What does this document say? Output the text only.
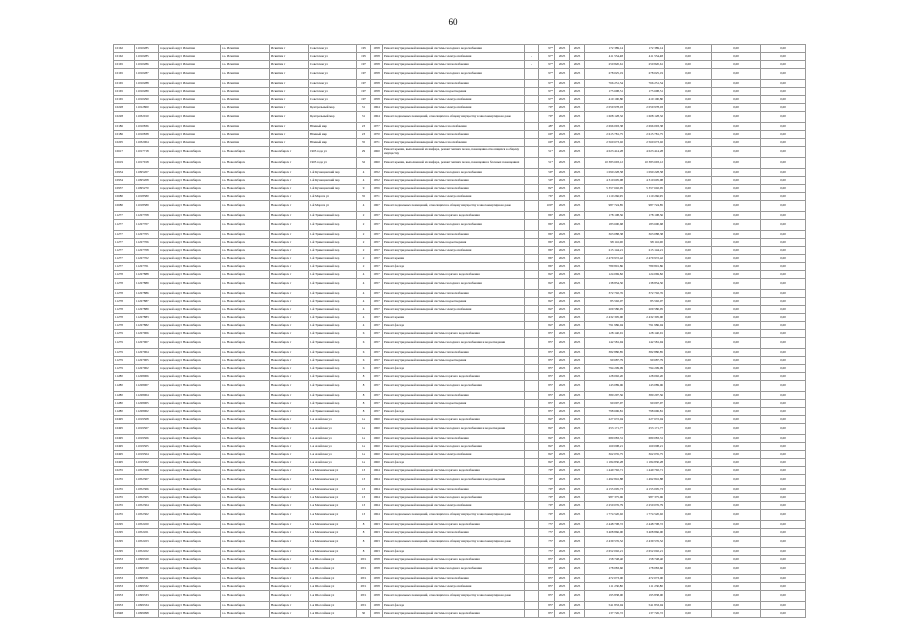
60
10162	11010285	городской округ Искитим	г.о. Искитим	Искитим г	Советская ул	195	1958	Ремонт внутридомовой инженерной системы холодного водоснабжения		97*	2025	2025	172 389,14	172 389,14	0,00	0,00	0,00
10162	11010285	городской округ Искитим	г.о. Искитим	Искитим г	Советская ул	195	1958	Ремонт внутридомовой инженерной системы электроснабжения	-	97*	2025	2025	411 554,48	411 554,48	0,00	0,00	0,00
10165	11010286	городской округ Искитим	г.о. Искитим	Искитим г	Советская ул	197	1958	Ремонт внутридомовой инженерной системы теплоснабжения	-	97*	2025	2025	250 820,61	250 820,61	0,00	0,00	0,00
10165	11010287	городской округ Искитим	г.о. Искитим	Искитим г	Советская ул	197	1958	Ремонт внутридомовой инженерной системы холодного водоснабжения		97*	2025	2025	278 025,19	278 025,19	0,00	0,00	0,00
10165	11010288	городской округ Искитим	г.о. Искитим	Искитим г	Советская ул	197	1958	Ремонт внутридомовой инженерной системы теплоснабжения		97*	2025	2025	766 251,54	766 251,54	0,00	0,00	0,00
10165	11010289	городской округ Искитим	г.о. Искитим	Искитим г	Советская ул	197	1958	Ремонт внутридомовой инженерной системы водоотведения		97*	2025	2025	175 698,51	175 698,51	0,00	0,00	0,00
10165	11010290	городской округ Искитим	г.о. Искитим	Искитим г	Советская ул	197	1958	Ремонт внутридомовой инженерной системы электроснабжения		97*	2025	2025	410 190,80	410 190,80	0,00	0,00	0,00
10228	11012800	городской округ Искитим	г.о. Искитим	Искитим г	Центральный мкр	31	1964	Ремонт внутридомовой инженерной системы электроснабжения		79*	2025	2025	2 059 978,03	2 059 978,03	0,00	0,00	0,00
10228	11032010	городской округ Искитим	г.о. Искитим	Искитим г	Центральный мкр	31	1964	Ремонт подвальных помещений, относящихся к общему имуществу в многоквартирном доме		79*	2025	2025	1 608 128,32	1 608 128,32	0,00	0,00	0,00
10186	11010836	городской округ Искитим	г.о. Искитим	Искитим г	Южный мкр	23	1977	Ремонт внутридомовой инженерной системы газоснабжения		48*	2025	2025	2 696 093,38	2 696 093,38	0,00	0,00	0,00
10186	11010838	городской округ Искитим	г.о. Искитим	Искитим г	Южный мкр	23	1970	Ремонт внутридомовой инженерной системы теплоснабжения		69*	2025	2025	2 615 781,75	2 615 781,75	0,00	0,00	0,00
10205	11032004	городской округ Искитим	г.о. Искитим	Искитим г	Южный мкр	35	1971	Ремонт внутридомовой инженерной системы газоснабжения		69*	2025	2025	2 560 673,02	2 560 673,02	0,00	0,00	0,00
10617	11017718	городской округ Новосибирск	г.о. Новосибирск	Новосибирск г	1905 года ул	29	1960	Ремонт крыши, выполненной из шифера, ремонт мягких полов, помещения относящихся к общему имуществу		51*	2025	2025	4 023 414,28	4 023 414,28	0,00	0,00	0,00
10619	11017918	городской округ Новосибирск	г.о. Новосибирск	Новосибирск г	1905 года ул	32	1960	Ремонт крыши, выполненной из шифера, ремонт мягких полов, помещения в блочных помещениях		51*	2025	2025	10 383 693,12	10 383 693,12	0,00	0,00	0,00
10934	11095207	городской округ Новосибирск	г.о. Новосибирск	Новосибирск г	1-й Кузнецовский пер	4	1952	Ремонт внутридомовой инженерной системы холодного водоснабжения		59*	2025	2025	1 090 228,58	1 090 228,58	0,00	0,00	0,00
10934	11095208	городской округ Новосибирск	г.о. Новосибирск	Новосибирск г	1-й Кузнецовский пер	4	1952	Ремонт внутридомовой инженерной системы теплоснабжения		59*	2025	2025	4 310 605,98	4 310 605,98	0,00	0,00	0,00
10937	11095270	городской округ Новосибирск	г.о. Новосибирск	Новосибирск г	1-й Кузнецовский пер	9	1956	Ремонт внутридомовой инженерной системы теплоснабжения		82*	2025	2025	5 357 602,95	5 357 602,95	0,00	0,00	0,00
10680	11018580	городской округ Новосибирск	г.о. Новосибирск	Новосибирск г	1-й Марата ул	35	1971	Ремонт внутридомовой инженерной системы электроснабжения		76*	2025	2025	1 110 266,95	1 110 266,95	0,00	0,00	0,00
10680	11018589	городской округ Новосибирск	г.о. Новосибирск	Новосибирск г	1-й Марата ул	4	1967	Ремонт подвальных помещений, относящихся к общему имуществу в многоквартирном доме		100*	2025	2025	987 724,85	987 724,85	0,00	0,00	0,00
11277	11227708	городской округ Новосибирск	г.о. Новосибирск	Новосибирск г	1-й Трикотажный пер	2	1957	Ремонт внутридомовой инженерной системы горячего водоснабжения		86*	2025	2025	178 108,56	178 108,56	0,00	0,00	0,00
11277	11227707	городской округ Новосибирск	г.о. Новосибирск	Новосибирск г	1-й Трикотажный пер	2	1957	Ремонт внутридомовой инженерной системы холодного водоснабжения		86*	2025	2025	183 600,68	183 600,68	0,00	0,00	0,00
11277	11227705	городской округ Новосибирск	г.о. Новосибирск	Новосибирск г	1-й Трикотажный пер	2	1957	Ремонт внутридомовой инженерной системы теплоснабжения		86*	2025	2025	363 088,38	363 088,38	0,00	0,00	0,00
11277	11227706	городской округ Новосибирск	г.о. Новосибирск	Новосибирск г	1-й Трикотажный пер	2	1957	Ремонт внутридомовой инженерной системы водоотведения		86*	2025	2025	98 116,00	98 116,00	0,00	0,00	0,00
11277	11227708	городской округ Новосибирск	г.о. Новосибирск	Новосибирск г	1-й Трикотажный пер	2	1957	Ремонт внутридомовой инженерной системы электроснабжения		86*	2025	2025	215 144,21	215 144,21	0,00	0,00	0,00
11277	11227702	городской округ Новосибирск	г.о. Новосибирск	Новосибирск г	1-й Трикотажный пер	2	1957	Ремонт крыши		86*	2025	2025	2 479 972,42	2 479 972,42	0,00	0,00	0,00
11277	11227701	городской округ Новосибирск	г.о. Новосибирск	Новосибирск г	1-й Трикотажный пер	2	1957	Ремонт фасада		86*	2025	2025	789 801,86	789 801,86	0,00	0,00	0,00
11278	11227888	городской округ Новосибирск	г.о. Новосибирск	Новосибирск г	1-й Трикотажный пер	4	1957	Ремонт внутридомовой инженерной системы горячего водоснабжения		84*	2025	2025	124 069,82	124 069,82	0,00	0,00	0,00
11278	11227889	городской округ Новосибирск	г.о. Новосибирск	Новосибирск г	1-й Трикотажный пер	4	1957	Ремонт внутридомовой инженерной системы холодного водоснабжения		84*	2025	2025	138 854,50	138 854,50	0,00	0,00	0,00
11278	11227886	городской округ Новосибирск	г.о. Новосибирск	Новосибирск г	1-й Трикотажный пер	4	1957	Ремонт внутридомовой инженерной системы теплоснабжения		84*	2025	2025	372 702,76	372 702,76	0,00	0,00	0,00
11278	11227887	городской округ Новосибирск	г.о. Новосибирск	Новосибирск г	1-й Трикотажный пер	4	1957	Ремонт внутридомовой инженерной системы водоотведения		84*	2025	2025	85 592,07	85 592,07	0,00	0,00	0,00
11278	11227889	городской округ Новосибирск	г.о. Новосибирск	Новосибирск г	1-й Трикотажный пер	4	1957	Ремонт внутридомовой инженерной системы электроснабжения		84*	2025	2025	209 580,95	209 580,95	0,00	0,00	0,00
11278	11227883	городской округ Новосибирск	г.о. Новосибирск	Новосибирск г	1-й Трикотажный пер	4	1957	Ремонт крыши		84*	2025	2025	2 432 305,90	2 432 305,90	0,00	0,00	0,00
11278	11227882	городской округ Новосибирск	г.о. Новосибирск	Новосибирск г	1-й Трикотажный пер	4	1957	Ремонт фасада		84*	2025	2025	791 986,04	791 986,04	0,00	0,00	0,00
11279	11227906	городской округ Новосибирск	г.о. Новосибирск	Новосибирск г	1-й Трикотажный пер	6	1957	Ремонт внутридомовой инженерной системы горячего водоснабжения		85*	2025	2025	128 140,91	128 140,91	0,00	0,00	0,00
11279	11227907	городской округ Новосибирск	г.о. Новосибирск	Новосибирск г	1-й Трикотажный пер	6	1957	Ремонт внутридомовой инженерной системы холодного водоснабжения и водоотведения		85*	2025	2025	142 581,94	142 581,94	0,00	0,00	0,00
11279	11227904	городской округ Новосибирск	г.о. Новосибирск	Новосибирск г	1-й Трикотажный пер	6	1957	Ремонт внутридомовой инженерной системы теплоснабжения		85*	2025	2025	382 880,85	382 880,85	0,00	0,00	0,00
11279	11227905	городской округ Новосибирск	г.о. Новосибирск	Новосибирск г	1-й Трикотажный пер	6	1957	Ремонт внутридомовой инженерной системы водоотведения		85*	2025	2025	90 687,79	90 687,79	0,00	0,00	0,00
11279	11227902	городской округ Новосибирск	г.о. Новосибирск	Новосибирск г	1-й Трикотажный пер	6	1957	Ремонт фасада		85*	2025	2025	794 209,09	794 209,09	0,00	0,00	0,00
11280	11228006	городской округ Новосибирск	г.о. Новосибирск	Новосибирск г	1-й Трикотажный пер	8	1957	Ремонт внутридомовой инженерной системы горячего водоснабжения		85*	2025	2025	128 092,20	128 092,20	0,00	0,00	0,00
11280	11228007	городской округ Новосибирск	г.о. Новосибирск	Новосибирск г	1-й Трикотажный пер	8	1957	Ремонт внутридомовой инженерной системы холодного водоснабжения		85*	2025	2025	143 089,06	143 089,06	0,00	0,00	0,00
11280	11228004	городской округ Новосибирск	г.о. Новосибирск	Новосибирск г	1-й Трикотажный пер	8	1957	Ремонт внутридомовой инженерной системы теплоснабжения		85*	2025	2025	380 297,56	380 297,56	0,00	0,00	0,00
11280	11228005	городской округ Новосибирск	г.о. Новосибирск	Новосибирск г	1-й Трикотажный пер	8	1957	Ремонт внутридомовой инженерной системы водоотведения		85*	2025	2025	90 097,97	90 097,97	0,00	0,00	0,00
11280	11228002	городской округ Новосибирск	г.о. Новосибирск	Новосибирск г	1-й Трикотажный пер	8	1957	Ремонт фасада		85*	2025	2025	798 696,81	798 696,81	0,00	0,00	0,00
10495	11019508	городской округ Новосибирск	г.о. Новосибирск	Новосибирск г	1-я Алейская ул	1а	1960	Ремонт внутридомовой инженерной системы горячего водоснабжения		84*	2025	2025	227 672,04	227 672,04	0,00	0,00	0,00
10495	11019507	городской округ Новосибирск	г.о. Новосибирск	Новосибирск г	1-я Алейская ул	1а	1960	Ремонт внутридомовой инженерной системы холодного водоснабжения и водоотведения		84*	2025	2025	253 171,77	253 171,77	0,00	0,00	0,00
10495	11019506	городской округ Новосибирск	г.о. Новосибирск	Новосибирск г	1-я Алейская ул	1а	1960	Ремонт внутридомовой инженерной системы теплоснабжения		84*	2025	2025	680 083,31	680 083,31	0,00	0,00	0,00
10495	11019505	городской округ Новосибирск	г.о. Новосибирск	Новосибирск г	1-я Алейская ул	1а	1960	Ремонт внутридомовой инженерной системы холодного водоснабжения		84*	2025	2025	160 008,21	160 008,21	0,00	0,00	0,00
10495	11019504	городской округ Новосибирск	г.о. Новосибирск	Новосибирск г	1-я Алейская ул	1а	1960	Ремонт внутридомовой инженерной системы электроснабжения		84*	2025	2025	362 035,75	362 035,75	0,00	0,00	0,00
10495	11019502	городской округ Новосибирск	г.о. Новосибирск	Новосибирск г	1-я Алейская ул	1а	1960	Ремонт фасада		84*	2025	2025	1 184 830,28	1 184 830,28	0,00	0,00	0,00
10255	11052308	городской округ Новосибирск	г.о. Новосибирск	Новосибирск г	1-я Механическая ул	13	1964	Ремонт внутридомовой инженерной системы горячего водоснабжения		79*	2025	2025	1 449 792,71	1 449 792,71	0,00	0,00	0,00
10255	11052307	городской округ Новосибирск	г.о. Новосибирск	Новосибирск г	1-я Механическая ул	13	1964	Ремонт внутридомовой инженерной системы холодного водоснабжения и водоотведения		79*	2025	2025	1 492 816,88	1 492 816,88	0,00	0,00	0,00
10255	11052306	городской округ Новосибирск	г.о. Новосибирск	Новосибирск г	1-я Механическая ул	13	1964	Ремонт внутридомовой инженерной системы теплоснабжения		79*	2025	2025	4 155 005,73	4 155 005,73	0,00	0,00	0,00
10255	11052305	городской округ Новосибирск	г.о. Новосибирск	Новосибирск г	1-я Механическая ул	13	1964	Ремонт внутридомовой инженерной системы холодного водоснабжения		79*	2025	2025	987 375,96	987 375,96	0,00	0,00	0,00
10255	11052304	городской округ Новосибирск	г.о. Новосибирск	Новосибирск г	1-я Механическая ул	13	1964	Ремонт внутридомовой инженерной системы электроснабжения		79*	2025	2025	2 250 076,79	2 250 076,79	0,00	0,00	0,00
10255	11052302	городской округ Новосибирск	г.о. Новосибирск	Новосибирск г	1-я Механическая ул	13	1964	Ремонт подвальных помещений, относящихся к общему имуществу в многоквартирном доме		79*	2025	2025	1 774 520,92	1 774 520,92	0,00	0,00	0,00
10295	11052450	городской округ Новосибирск	г.о. Новосибирск	Новосибирск г	1-я Механическая ул	8	1963	Ремонт внутридомовой инженерной системы горячего водоснабжения		75*	2025	2025	2 448 708,72	2 448 708,72	0,00	0,00	0,00
10295	11052451	городской округ Новосибирск	г.о. Новосибирск	Новосибирск г	1-я Механическая ул	8	1963	Ремонт внутридомовой инженерной системы теплоснабжения		75*	2025	2025	3 408 866,00	3 408 866,00	0,00	0,00	0,00
10295	11052453	городской округ Новосибирск	г.о. Новосибирск	Новосибирск г	1-я Механическая ул	8	1963	Ремонт подвальных помещений, относящихся к общему имуществу в многоквартирном доме		75*	2025	2025	2 439 576,52	2 439 576,52	0,00	0,00	0,00
10295	11052452	городской округ Новосибирск	г.о. Новосибирск	Новосибирск г	1-я Механическая ул	8	1963	Ремонт фасада		75*	2025	2025	2 652 002,21	2 652 002,21	0,00	0,00	0,00
10953	11099329	городской округ Новосибирск	г.о. Новосибирск	Новосибирск г	1-я Шоссейная ул	28/1	1958	Ремонт внутридомовой инженерной системы горячего водоснабжения		85*	2025	2025	158 748,40	158 748,40	0,00	0,00	0,00
10953	11099330	городской округ Новосибирск	г.о. Новосибирск	Новосибирск г	1-я Шоссейная ул	28/1	1958	Ремонт внутридомовой инженерной системы холодного водоснабжения		85*	2025	2025	178 083,60	178 083,60	0,00	0,00	0,00
10953	11099331	городской округ Новосибирск	г.о. Новосибирск	Новосибирск г	1-я Шоссейная ул	28/1	1958	Ремонт внутридомовой инженерной системы теплоснабжения		85*	2025	2025	472 073,00	472 073,00	0,00	0,00	0,00
10953	11099332	городской округ Новосибирск	г.о. Новосибирск	Новосибирск г	1-я Шоссейная ул	28/1	1958	Ремонт внутридомовой инженерной системы электроснабжения		85*	2025	2025	111 230,80	111 230,80	0,00	0,00	0,00
10953	11099333	городской округ Новосибирск	г.о. Новосибирск	Новосибирск г	1-я Шоссейная ул	28/1	1958	Ремонт подвальных помещений, относящихся к общему имуществу в многоквартирном доме		85*	2025	2025	195 838,00	195 838,00	0,00	0,00	0,00
10953	11099334	городской округ Новосибирск	г.о. Новосибирск	Новосибирск г	1-я Шоссейная ул	28/1	1958	Ремонт фасада		85*	2025	2025	541 833,04	541 833,04	0,00	0,00	0,00
10948	11099098	городской округ Новосибирск	г.о. Новосибирск	Новосибирск г	1-я Шоссейная ул	30	1959	Ремонт внутридомовой инженерной системы горячего водоснабжения		85*	2025	2025	137 726,72	137 726,72	0,00	0,00	0,00
